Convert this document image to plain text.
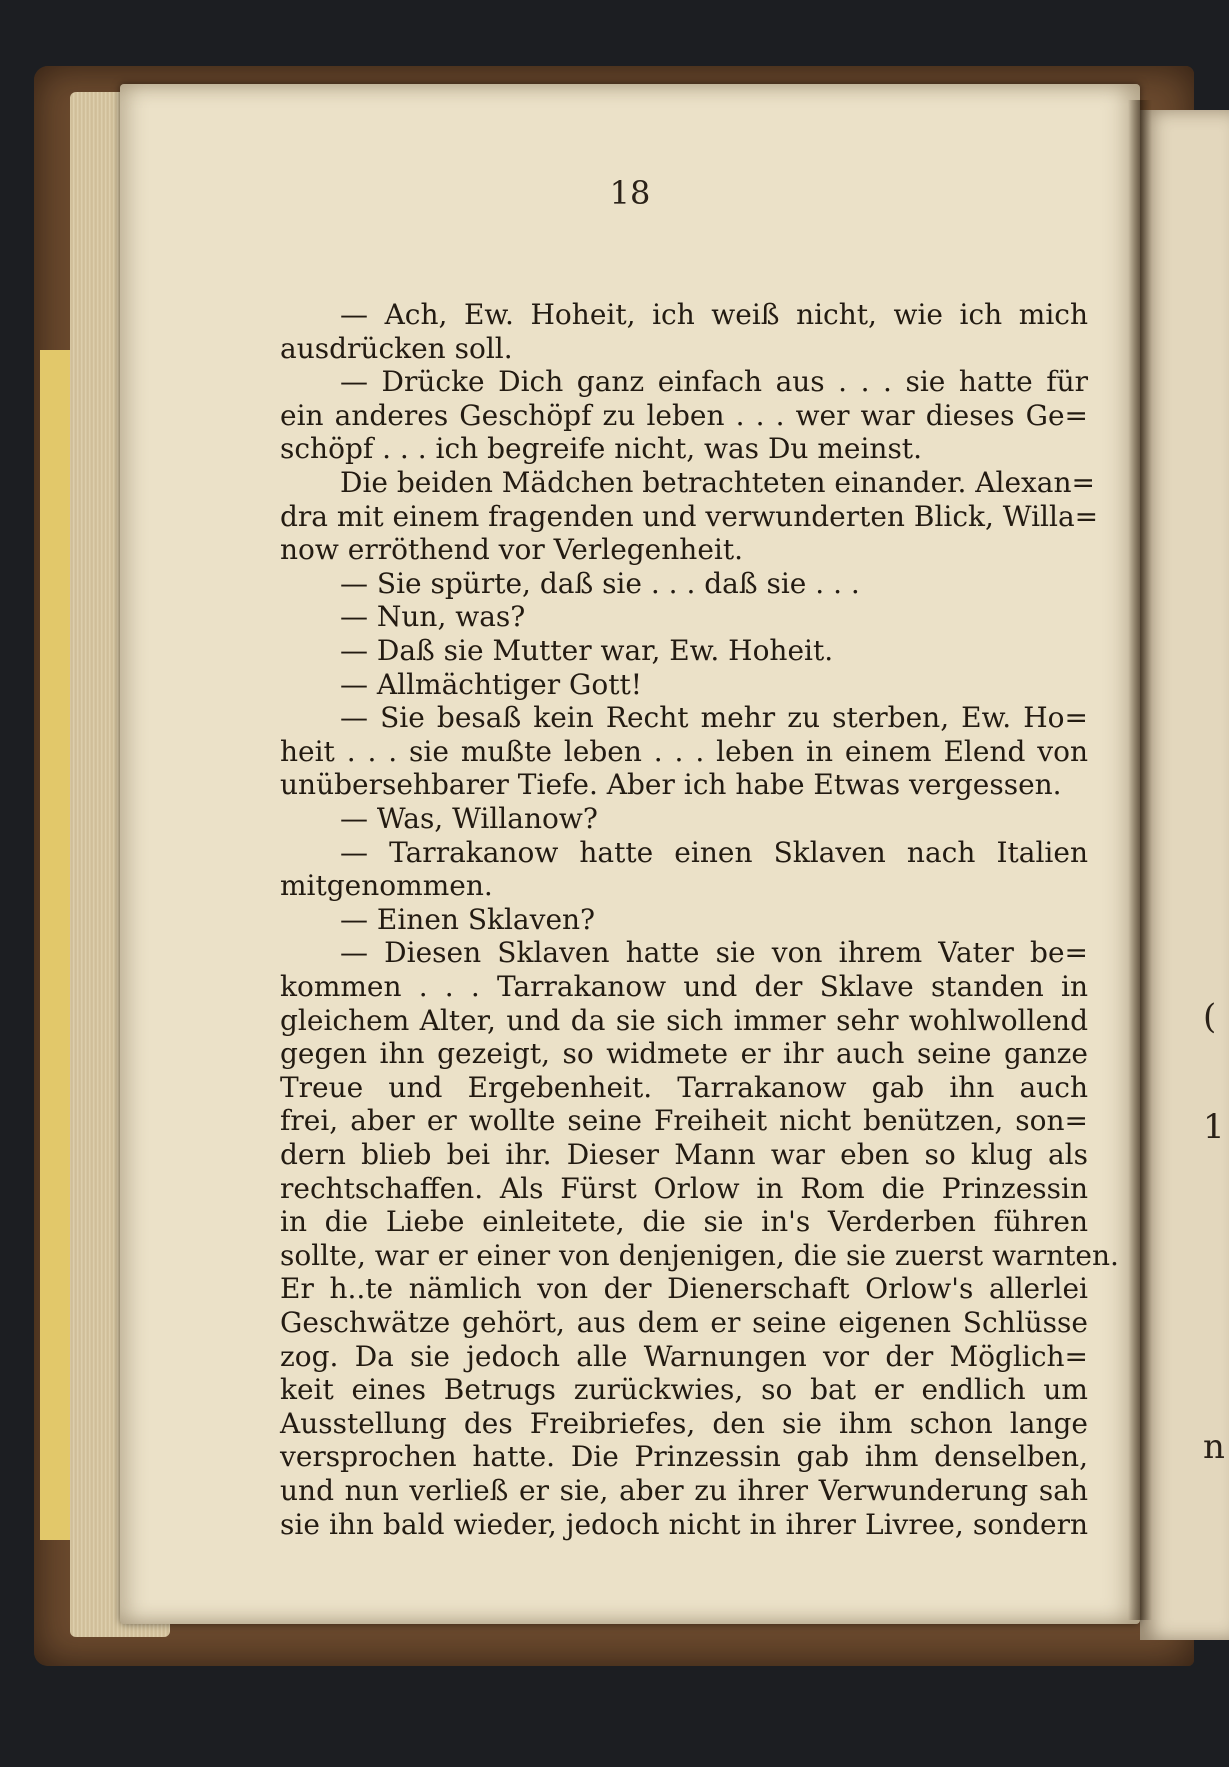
(
1
n
18
— Ach, Ew. Hoheit, ich weiß nicht, wie ich mich
ausdrücken soll.
— Drücke Dich ganz einfach aus . . . sie hatte für
ein anderes Geschöpf zu leben . . . wer war dieses Ge=
schöpf . . . ich begreife nicht, was Du meinst.
Die beiden Mädchen betrachteten einander. Alexan=
dra mit einem fragenden und verwunderten Blick, Willa=
now erröthend vor Verlegenheit.
— Sie spürte, daß sie . . . daß sie . . .
— Nun, was?
— Daß sie Mutter war, Ew. Hoheit.
— Allmächtiger Gott!
— Sie besaß kein Recht mehr zu sterben, Ew. Ho=
heit . . . sie mußte leben . . . leben in einem Elend von
unübersehbarer Tiefe. Aber ich habe Etwas vergessen.
— Was, Willanow?
— Tarrakanow hatte einen Sklaven nach Italien
mitgenommen.
— Einen Sklaven?
— Diesen Sklaven hatte sie von ihrem Vater be=
kommen . . . Tarrakanow und der Sklave standen in
gleichem Alter, und da sie sich immer sehr wohlwollend
gegen ihn gezeigt, so widmete er ihr auch seine ganze
Treue und Ergebenheit. Tarrakanow gab ihn auch
frei, aber er wollte seine Freiheit nicht benützen, son=
dern blieb bei ihr. Dieser Mann war eben so klug als
rechtschaffen. Als Fürst Orlow in Rom die Prinzessin
in die Liebe einleitete, die sie in's Verderben führen
sollte, war er einer von denjenigen, die sie zuerst warnten.
Er h..te nämlich von der Dienerschaft Orlow's allerlei
Geschwätze gehört, aus dem er seine eigenen Schlüsse
zog. Da sie jedoch alle Warnungen vor der Möglich=
keit eines Betrugs zurückwies, so bat er endlich um
Ausstellung des Freibriefes, den sie ihm schon lange
versprochen hatte. Die Prinzessin gab ihm denselben,
und nun verließ er sie, aber zu ihrer Verwunderung sah
sie ihn bald wieder, jedoch nicht in ihrer Livree, sondern
